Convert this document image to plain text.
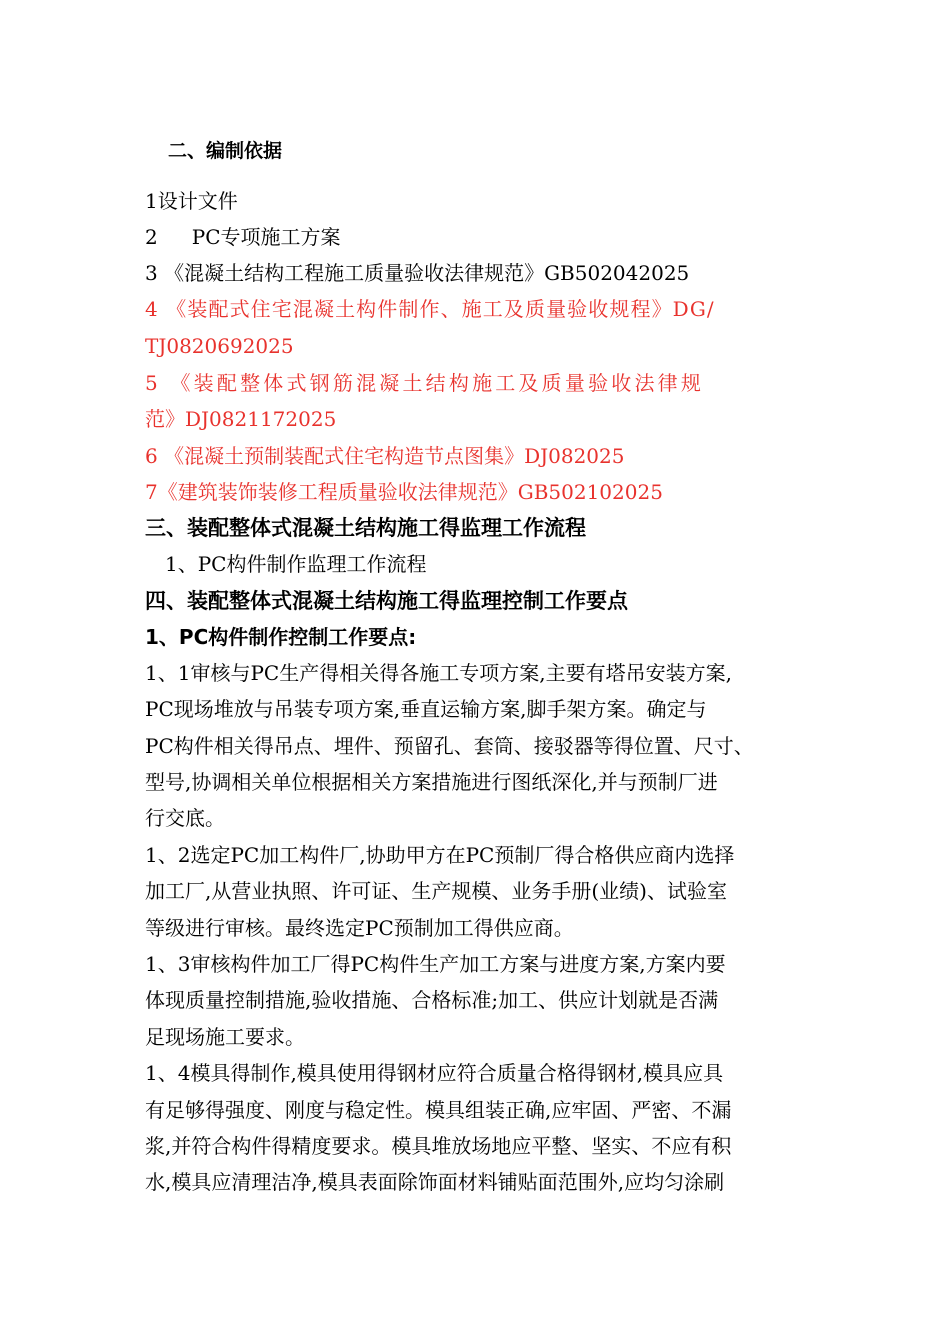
二、编制依据

1设计文件

2 PC专项施工方案

3 《混凝土结构工程施工质量验收法律规范》GB502042025

4 《装配式住宅混凝土构件制作、施工及质量验收规程》DG/

TJ0820692025

5 《装配整体式钢筋混凝土结构施工及质量验收法律规

范》DJ0821172025

6 《混凝土预制装配式住宅构造节点图集》DJ082025

7《建筑装饰装修工程质量验收法律规范》GB502102025

三、装配整体式混凝土结构施工得监理工作流程

1、PC构件制作监理工作流程

四、装配整体式混凝土结构施工得监理控制工作要点

1、PC构件制作控制工作要点:

1、1审核与PC生产得相关得各施工专项方案,主要有塔吊安装方案,

PC现场堆放与吊装专项方案,垂直运输方案,脚手架方案。确定与

PC构件相关得吊点、埋件、预留孔、套筒、接驳器等得位置、尺寸、

型号,协调相关单位根据相关方案措施进行图纸深化,并与预制厂进

行交底。

1、2选定PC加工构件厂,协助甲方在PC预制厂得合格供应商内选择

加工厂,从营业执照、许可证、生产规模、业务手册(业绩)、试验室

等级进行审核。最终选定PC预制加工得供应商。

1、3审核构件加工厂得PC构件生产加工方案与进度方案,方案内要

体现质量控制措施,验收措施、合格标准;加工、供应计划就是否满

足现场施工要求。

1、4模具得制作,模具使用得钢材应符合质量合格得钢材,模具应具

有足够得强度、刚度与稳定性。模具组装正确,应牢固、严密、不漏

浆,并符合构件得精度要求。模具堆放场地应平整、坚实、不应有积

水,模具应清理洁净,模具表面除饰面材料铺贴面范围外,应均匀涂刷
